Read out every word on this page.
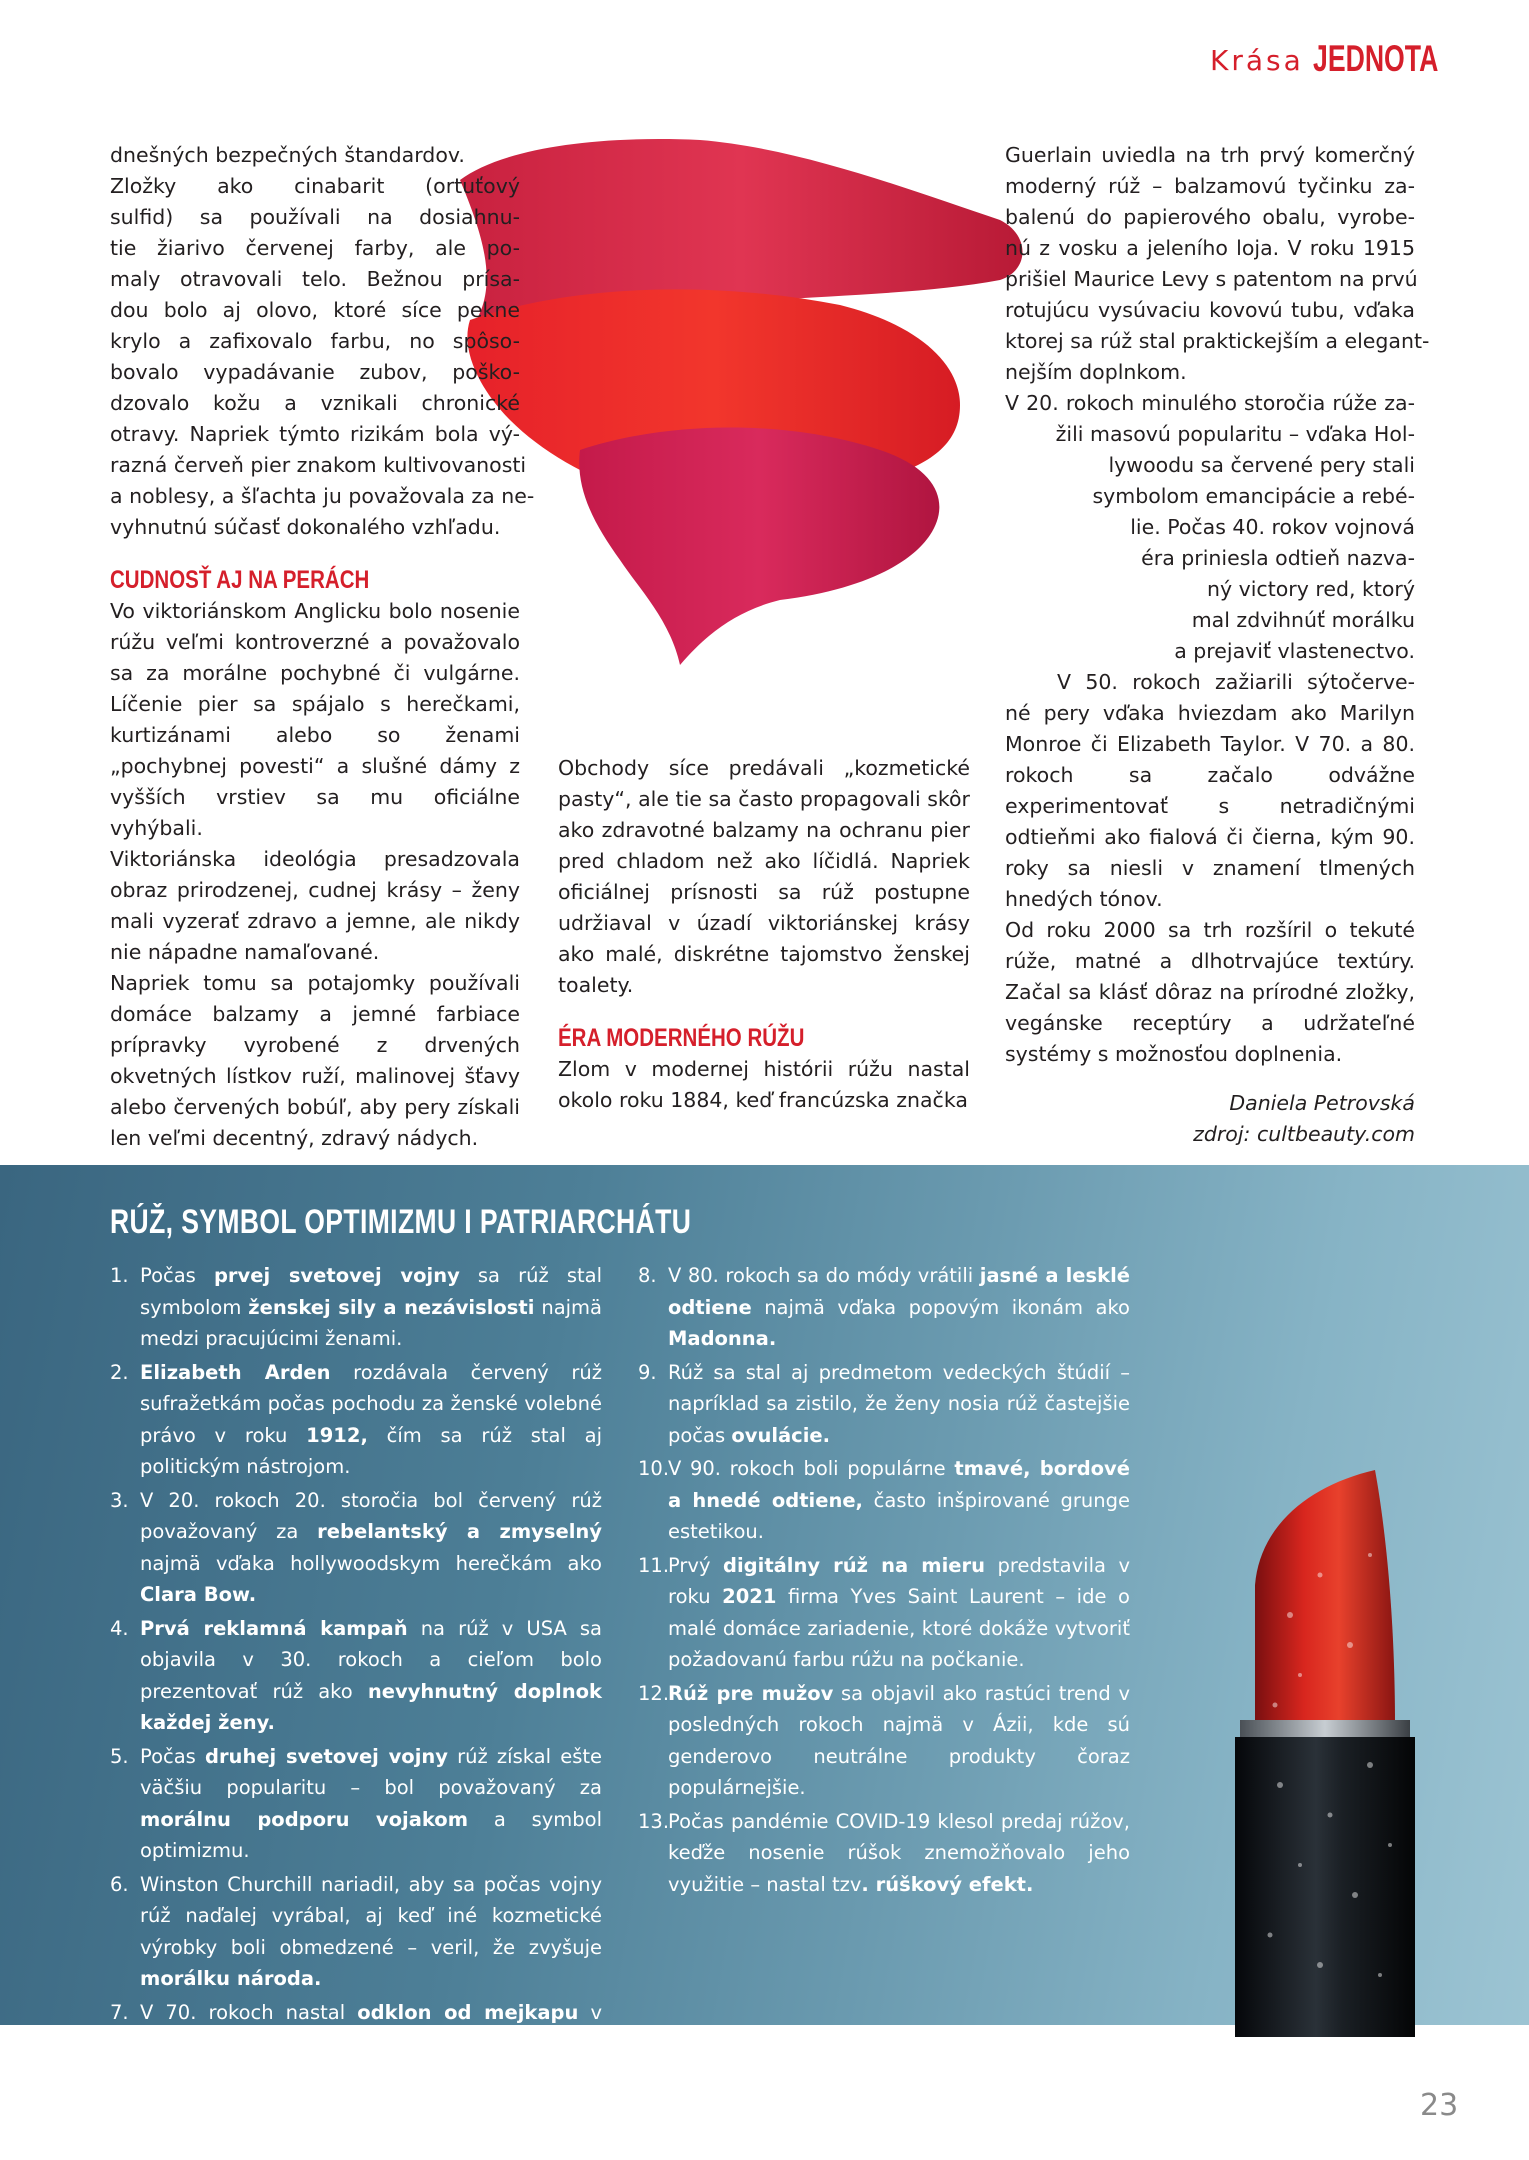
Krása JEDNOTA
dnešných bezpečných štandardov.
Zložky ako cinabarit (ortuťový
sulfid) sa používali na dosiahnu-
tie žiarivo červenej farby, ale po-
maly otravovali telo. Bežnou prísa-
dou bolo aj olovo, ktoré síce pekne
krylo a zafixovalo farbu, no spôso-
bovalo vypadávanie zubov, poško-
dzovalo kožu a vznikali chronické
otravy. Napriek týmto rizikám bola vý-
razná červeň pier znakom kultivovanosti
a noblesy, a šľachta ju považovala za ne-
vyhnutnú súčasť dokonalého vzhľadu.
CUDNOSŤ AJ NA PERÁCH

Vo viktoriánskom Anglicku bolo nosenie rúžu veľmi kontroverzné a považovalo sa za morálne pochybné či vulgárne. Líčenie pier sa spájalo s herečkami, kurtizánami alebo so ženami „pochybnej povesti“ a slušné dámy z vyšších vrstiev sa mu oficiálne vyhýbali.

Viktoriánska ideológia presadzovala obraz prirodzenej, cudnej krásy – ženy mali vyzerať zdravo a jemne, ale nikdy nie nápadne namaľované.

Napriek tomu sa potajomky používali domáce balzamy a jemné farbiace prípravky vyrobené z drvených okvetných lístkov ruží, malinovej šťavy alebo červených bobúľ, aby pery získali len veľmi decentný, zdravý nádych.

Obchody síce predávali „kozmetické pasty“, ale tie sa často propagovali skôr ako zdravotné balzamy na ochranu pier pred chladom než ako líčidlá. Napriek oficiálnej prísnosti sa rúž postupne udržiaval v úzadí viktoriánskej krásy ako malé, diskrétne tajomstvo ženskej toalety.

ÉRA MODERNÉHO RÚŽU

Zlom v modernej histórii rúžu nastal okolo roku 1884, keď francúzska značka

Guerlain uviedla na trh prvý komerčný
moderný rúž – balzamovú tyčinku za-
balenú do papierového obalu, vyrobe-
nú z vosku a jeleního loja. V roku 1915
prišiel Maurice Levy s patentom na prvú
rotujúcu vysúvaciu kovovú tubu, vďaka
ktorej sa rúž stal praktickejším a elegant-
nejším doplnkom.
V 20. rokoch minulého storočia rúže za-
žili masovú popularitu – vďaka Hol-
lywoodu sa červené pery stali
symbolom emancipácie a rebé-
lie. Počas 40. rokov vojnová
éra priniesla odtieň nazva-
ný victory red, ktorý
mal zdvihnúť morálku
a prejaviť vlastenectvo.
V 50. rokoch zažiarili sýtočerve-
né pery vďaka hviezdam ako Marilyn

Monroe či Elizabeth Taylor. V 70. a 80. rokoch sa začalo odvážne experimentovať s netradičnými odtieňmi ako fialová či čierna, kým 90. roky sa niesli v znamení tlmených hnedých tónov.

Od roku 2000 sa trh rozšíril o tekuté rúže, matné a dlhotrvajúce textúry. Začal sa klásť dôraz na prírodné zložky, vegánske receptúry a udržateľné systémy s možnosťou doplnenia.

Daniela Petrovská
zdroj: cultbeauty.com
RÚŽ, SYMBOL OPTIMIZMU I PATRIARCHÁTU
1. Počas prvej svetovej vojny sa rúž stal symbolom ženskej sily a nezávislosti najmä medzi pracujúcimi ženami.
2. Elizabeth Arden rozdávala červený rúž sufražetkám počas pochodu za ženské volebné právo v roku 1912, čím sa rúž stal aj politickým nástrojom.
3. V 20. rokoch 20. storočia bol červený rúž považovaný za rebelantský a zmyselný najmä vďaka hollywoodskym herečkám ako Clara Bow.
4. Prvá reklamná kampaň na rúž v USA sa objavila v 30. rokoch a cieľom bolo prezentovať rúž ako nevyhnutný doplnok každej ženy.
5. Počas druhej svetovej vojny rúž získal ešte väčšiu popularitu – bol považovaný za morálnu podporu vojakom a symbol optimizmu.
6. Winston Churchill nariadil, aby sa počas vojny rúž naďalej vyrábal, aj keď iné kozmetické výrobky boli obmedzené – veril, že zvyšuje morálku národa.
7. V 70. rokoch nastal odklon od mejkapu v súvislosti s feministickým hnutím – mnohé ženy odmietali nosiť rúž ako symbol patriarchátu.
8. V 80. rokoch sa do módy vrátili jasné a lesklé odtiene najmä vďaka popovým ikonám ako Madonna.
9. Rúž sa stal aj predmetom vedeckých štúdií – napríklad sa zistilo, že ženy nosia rúž častejšie počas ovulácie.
10.
V 90. rokoch boli populárne tmavé, bordové a hnedé odtiene, často inšpirované grunge estetikou.
11.
Prvý digitálny rúž na mieru predstavila v roku 2021 firma Yves Saint Laurent – ide o malé domáce zariadenie, ktoré dokáže vytvoriť požadovanú farbu rúžu na počkanie.
12.
Rúž pre mužov sa objavil ako rastúci trend v posledných rokoch najmä v Ázii, kde sú genderovo neutrálne produkty čoraz populárnejšie.
13.
Počas pandémie COVID-19 klesol predaj rúžov, keďže nosenie rúšok znemožňovalo jeho využitie – nastal tzv. rúškový efekt.
23
